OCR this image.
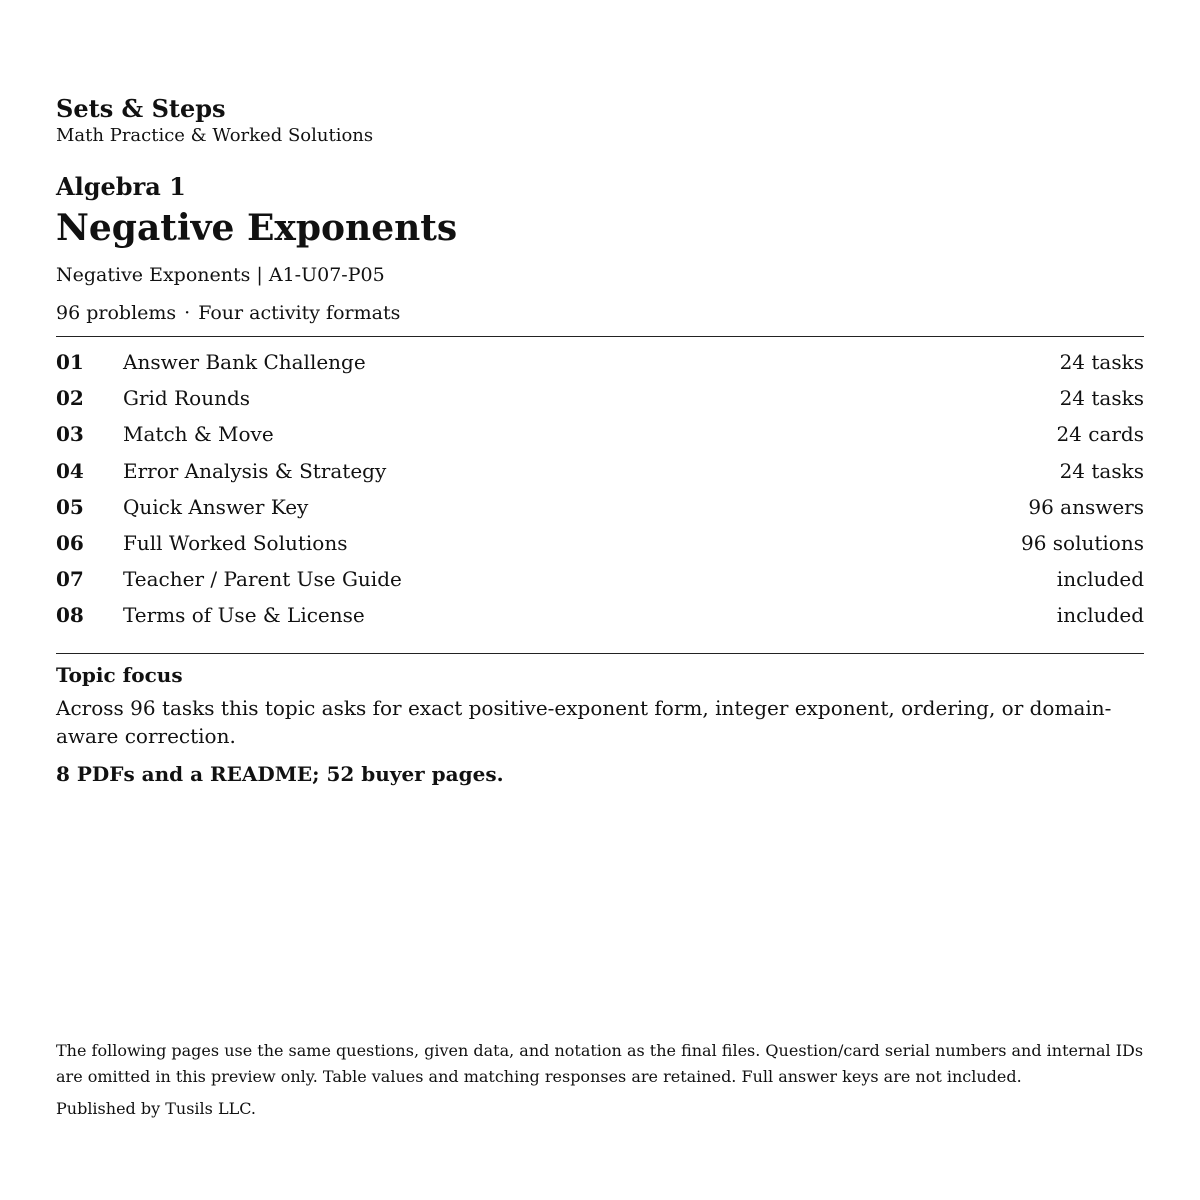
Sets & Steps

Math Practice & Worked Solutions

Algebra 1
Negative Exponents
Negative Exponents | A1-U07-P05
96 problems · Four activity formats
01	Answer Bank Challenge	24 tasks
02	Grid Rounds	24 tasks
03	Match & Move	24 cards
04	Error Analysis & Strategy	24 tasks
05	Quick Answer Key	96 answers
06	Full Worked Solutions	96 solutions
07	Teacher / Parent Use Guide	included
08	Terms of Use & License	included
Topic focus
Across 96 tasks this topic asks for exact positive-exponent form, integer exponent, ordering, or domain-aware correction.
8 PDFs and a README; 52 buyer pages.

The following pages use the same questions, given data, and notation as the final files. Question/card serial numbers and internal IDs are omitted in this preview only. Table values and matching responses are retained. Full answer keys are not included.

Published by Tusils LLC.
